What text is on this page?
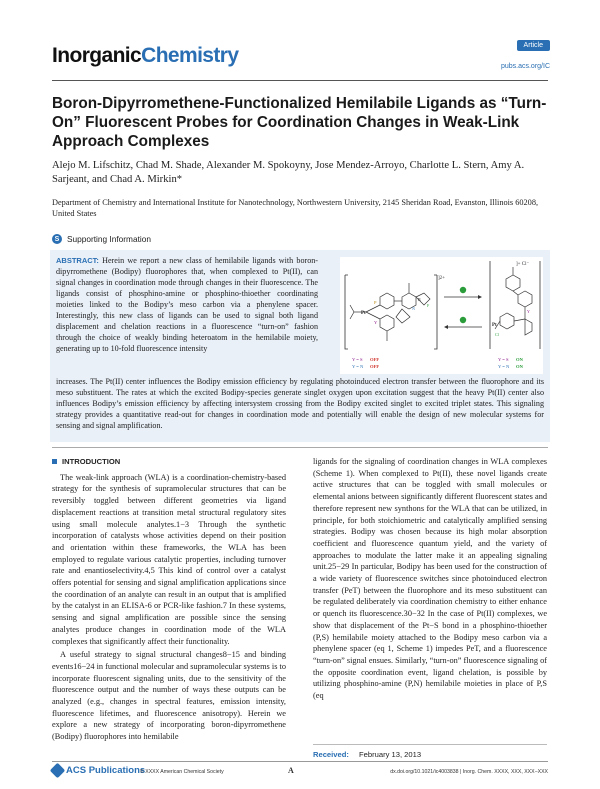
InorganicChemistry	Article
pubs.acs.org/IC
Boron-Dipyrromethene-Functionalized Hemilabile Ligands as “Turn-On” Fluorescent Probes for Coordination Changes in Weak-Link Approach Complexes
Alejo M. Lifschitz, Chad M. Shade, Alexander M. Spokoyny, Jose Mendez-Arroyo, Charlotte L. Stern, Amy A. Sarjeant, and Chad A. Mirkin*
Department of Chemistry and International Institute for Nanotechnology, Northwestern University, 2145 Sheridan Road, Evanston, Illinois 60208, United States
S Supporting Information
ABSTRACT: Herein we report a new class of hemilabile ligands with boron-dipyrromethene (Bodipy) fluorophores that, when complexed to Pt(II), can signal changes in coordination mode through changes in their fluorescence. The ligands consist of phosphino-amine or phosphino-thioether coordinating moieties linked to the Bodipy’s meso carbon via a phenylene spacer. Interestingly, this new class of ligands can be used to signal both ligand displacement and chelation reactions in a fluorescence “turn-on” fashion through the choice of weakly binding heteroatom in the hemilabile moiety, generating up to 10-fold fluorescence intensity
]2+
Pt
P
Y
N
B
F
]+ Cl⁻
Pt
Cl
Y
Y = S OFF
Y = N OFF
Y = S ON
Y = N ON
increases. The Pt(II) center influences the Bodipy emission efficiency by regulating photoinduced electron transfer between the fluorophore and its meso substituent. The rates at which the excited Bodipy-species generate singlet oxygen upon excitation suggest that the heavy Pt(II) center also influences Bodipy’s emission efficiency by affecting intersystem crossing from the Bodipy excited singlet to excited triplet states. This signaling strategy provides a quantitative read-out for changes in coordination mode and potentially will enable the design of new molecular systems for sensing and signal amplification.
INTRODUCTION

The weak-link approach (WLA) is a coordination-chemistry-based strategy for the synthesis of supramolecular structures that can be reversibly toggled between different geometries via ligand displacement reactions at transition metal structural regulatory sites using small molecule analytes.1−3 Through the synthetic incorporation of catalysts whose activities depend on their position and orientation within these frameworks, the WLA has been employed to regulate various catalytic properties, including turnover rate and enantioselectivity.4,5 This kind of control over a catalyst offers potential for sensing and signal amplification applications since the coordination of an analyte can result in an output that is amplified by the catalyst in an ELISA-6 or PCR-like fashion.7 In these systems, sensing and signal amplification are possible since the sensing analytes produce changes in coordination mode of the WLA complexes that significantly affect their functionality.

A useful strategy to signal structural changes8−15 and binding events16−24 in functional molecular and supramolecular systems is to incorporate fluorescent signaling units, due to the sensitivity of the fluorescence output and the number of ways these outputs can be analyzed (e.g., changes in spectral features, emission intensity, fluorescence lifetimes, and fluorescence anisotropy). Herein we explore a new strategy of incorporating boron-dipyrromethene (Bodipy) fluorophores into hemilabile

ligands for the signaling of coordination changes in WLA complexes (Scheme 1). When complexed to Pt(II), these novel ligands create active structures that can be toggled with small molecules or elemental anions between significantly different fluorescent states and therefore represent new synthons for the WLA that can be utilized, in principle, for both stoichiometric and catalytically amplified sensing strategies. Bodipy was chosen because its high molar absorption coefficient and fluorescence quantum yield, and the variety of approaches to modulate the latter make it an appealing signaling unit.25−29 In particular, Bodipy has been used for the construction of a wide variety of fluorescence switches since photoinduced electron transfer (PeT) between the fluorophore and its meso substituent can be regulated deliberately via coordination chemistry to either enhance or quench its fluorescence.30−32 In the case of Pt(II) complexes, we show that displacement of the Pt−S bond in a phosphino-thioether (P,S) hemilabile moiety attached to the Bodipy meso carbon via a phenylene spacer (eq 1, Scheme 1) impedes PeT, and a fluorescence “turn-on” signal ensues. Similarly, “turn-on” fluorescence signaling of the opposite coordination event, ligand chelation, is possible by utilizing phosphino-amine (P,N) hemilabile moieties in place of P,S (eq

Received: February 13, 2013
ACS Publications
© XXXX American Chemical Society	A	dx.doi.org/10.1021/ic4003838 | Inorg. Chem. XXXX, XXX, XXX−XXX
